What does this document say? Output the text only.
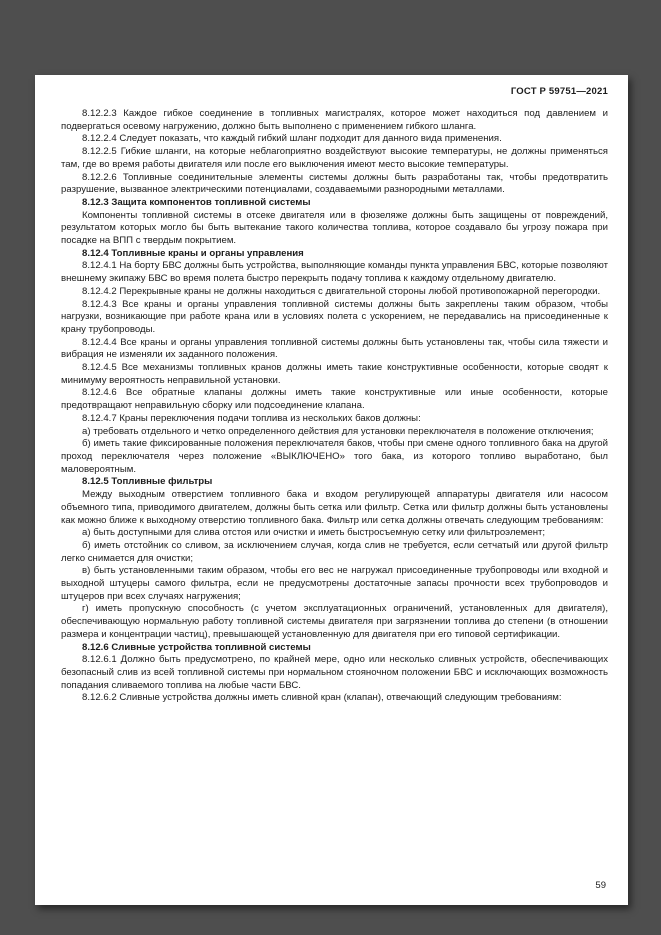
ГОСТ Р 59751—2021

8.12.2.3 Каждое гибкое соединение в топливных магистралях, которое может находиться под давлением и подвергаться осевому нагружению, должно быть выполнено с применением гибкого шланга.

8.12.2.4 Следует показать, что каждый гибкий шланг подходит для данного вида применения.

8.12.2.5 Гибкие шланги, на которые неблагоприятно воздействуют высокие температуры, не должны применяться там, где во время работы двигателя или после его выключения имеют место высокие температуры.

8.12.2.6 Топливные соединительные элементы системы должны быть разработаны так, чтобы предотвратить разрушение, вызванное электрическими потенциалами, создаваемыми разнородными металлами.

8.12.3 Защита компонентов топливной системы

Компоненты топливной системы в отсеке двигателя или в фюзеляже должны быть защищены от повреждений, результатом которых могло бы быть вытекание такого количества топлива, которое создавало бы угрозу пожара при посадке на ВПП с твердым покрытием.

8.12.4 Топливные краны и органы управления

8.12.4.1 На борту БВС должны быть устройства, выполняющие команды пункта управления БВС, которые позволяют внешнему экипажу БВС во время полета быстро перекрыть подачу топлива к каждому отдельному двигателю.

8.12.4.2 Перекрывные краны не должны находиться с двигательной стороны любой противопожарной перегородки.

8.12.4.3 Все краны и органы управления топливной системы должны быть закреплены таким образом, чтобы нагрузки, возникающие при работе крана или в условиях полета с ускорением, не передавались на присоединенные к крану трубопроводы.

8.12.4.4 Все краны и органы управления топливной системы должны быть установлены так, чтобы сила тяжести и вибрация не изменяли их заданного положения.

8.12.4.5 Все механизмы топливных кранов должны иметь такие конструктивные особенности, которые сводят к минимуму вероятность неправильной установки.

8.12.4.6 Все обратные клапаны должны иметь такие конструктивные или иные особенности, которые предотвращают неправильную сборку или подсоединение клапана.

8.12.4.7 Краны переключения подачи топлива из нескольких баков должны:

а) требовать отдельного и четко определенного действия для установки переключателя в положение отключения;

б) иметь такие фиксированные положения переключателя баков, чтобы при смене одного топливного бака на другой проход переключателя через положение «ВЫКЛЮЧЕНО» того бака, из которого топливо выработано, был маловероятным.

8.12.5 Топливные фильтры

Между выходным отверстием топливного бака и входом регулирующей аппаратуры двигателя или насосом объемного типа, приводимого двигателем, должны быть сетка или фильтр. Сетка или фильтр должны быть установлены как можно ближе к выходному отверстию топливного бака. Фильтр или сетка должны отвечать следующим требованиям:

а) быть доступными для слива отстоя или очистки и иметь быстросъемную сетку или фильтроэлемент;

б) иметь отстойник со сливом, за исключением случая, когда слив не требуется, если сетчатый или другой фильтр легко снимается для очистки;

в) быть установленными таким образом, чтобы его вес не нагружал присоединенные трубопроводы или входной и выходной штуцеры самого фильтра, если не предусмотрены достаточные запасы прочности всех трубопроводов и штуцеров при всех случаях нагружения;

г) иметь пропускную способность (с учетом эксплуатационных ограничений, установленных для двигателя), обеспечивающую нормальную работу топливной системы двигателя при загрязнении топлива до степени (в отношении размера и концентрации частиц), превышающей установленную для двигателя при его типовой сертификации.

8.12.6 Сливные устройства топливной системы

8.12.6.1 Должно быть предусмотрено, по крайней мере, одно или несколько сливных устройств, обеспечивающих безопасный слив из всей топливной системы при нормальном стояночном положении БВС и исключающих возможность попадания сливаемого топлива на любые части БВС.

8.12.6.2 Сливные устройства должны иметь сливной кран (клапан), отвечающий следующим требованиям:

59
